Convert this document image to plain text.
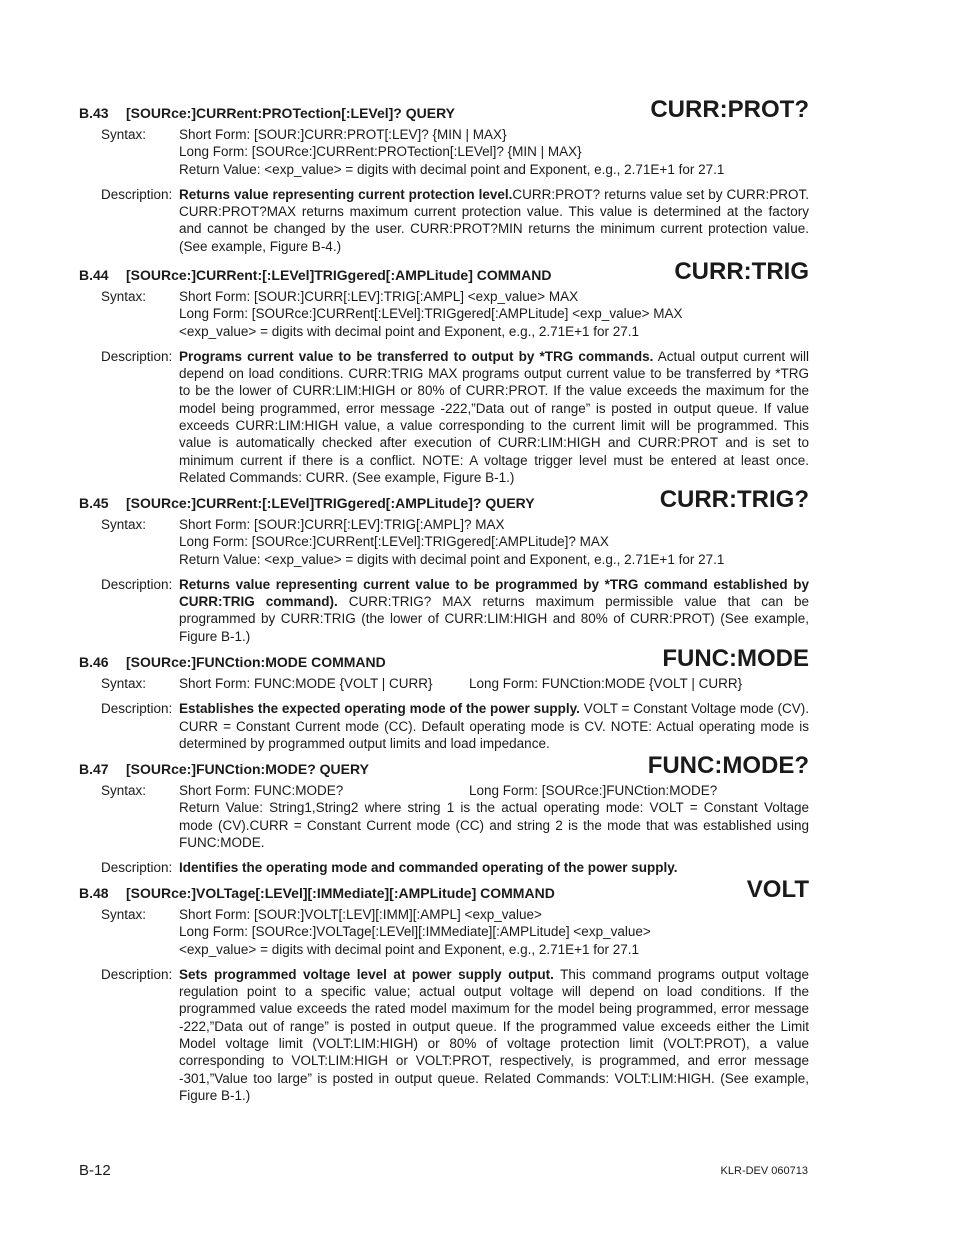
B.43 [SOURce:]CURRent:PROTection[:LEVel]? QUERY	CURR:PROT?
Syntax: Short Form: [SOUR:]CURR:PROT[:LEV]? {MIN | MAX}
Long Form: [SOURce:]CURRent:PROTection[:LEVel]? {MIN | MAX}
Return Value: <exp_value> = digits with decimal point and Exponent, e.g., 2.71E+1 for 27.1
Description: Returns value representing current protection level.CURR:PROT? returns value set by CURR:PROT. CURR:PROT?MAX returns maximum current protection value. This value is determined at the factory and cannot be changed by the user. CURR:PROT?MIN returns the minimum current protection value. (See example, Figure B-4.)
B.44 [SOURce:]CURRent:[:LEVel]TRIGgered[:AMPLitude] COMMAND	CURR:TRIG
Syntax: Short Form: [SOUR:]CURR[:LEV]:TRIG[:AMPL] <exp_value> MAX
Long Form: [SOURce:]CURRent[:LEVel]:TRIGgered[:AMPLitude] <exp_value> MAX
<exp_value> = digits with decimal point and Exponent, e.g., 2.71E+1 for 27.1
Description: Programs current value to be transferred to output by *TRG commands. Actual output current will depend on load conditions. CURR:TRIG MAX programs output current value to be transferred by *TRG to be the lower of CURR:LIM:HIGH or 80% of CURR:PROT. If the value exceeds the maximum for the model being programmed, error message -222,”Data out of range” is posted in output queue. If value exceeds CURR:LIM:HIGH value, a value corresponding to the current limit will be programmed. This value is automatically checked after execution of CURR:LIM:HIGH and CURR:PROT and is set to minimum current if there is a conflict. NOTE: A voltage trigger level must be entered at least once. Related Commands: CURR. (See example, Figure B-1.)
B.45 [SOURce:]CURRent:[:LEVel]TRIGgered[:AMPLitude]? QUERY	CURR:TRIG?
Syntax: Short Form: [SOUR:]CURR[:LEV]:TRIG[:AMPL]? MAX
Long Form: [SOURce:]CURRent[:LEVel]:TRIGgered[:AMPLitude]? MAX
Return Value: <exp_value> = digits with decimal point and Exponent, e.g., 2.71E+1 for 27.1
Description: Returns value representing current value to be programmed by *TRG command established by CURR:TRIG command). CURR:TRIG? MAX returns maximum permissible value that can be programmed by CURR:TRIG (the lower of CURR:LIM:HIGH and 80% of CURR:PROT) (See example, Figure B-1.)
B.46 [SOURce:]FUNCtion:MODE COMMAND	FUNC:MODE
Syntax: Short Form: FUNC:MODE {VOLT | CURR}	Long Form: FUNCtion:MODE {VOLT | CURR}
Description: Establishes the expected operating mode of the power supply. VOLT = Constant Voltage mode (CV). CURR = Constant Current mode (CC). Default operating mode is CV. NOTE: Actual operating mode is determined by programmed output limits and load impedance.
B.47 [SOURce:]FUNCtion:MODE? QUERY	FUNC:MODE?
Syntax: Short Form: FUNC:MODE?	Long Form: [SOURce:]FUNCtion:MODE?
Return Value: String1,String2 where string 1 is the actual operating mode: VOLT = Constant Voltage mode (CV).CURR = Constant Current mode (CC) and string 2 is the mode that was established using FUNC:MODE.
Description: Identifies the operating mode and commanded operating of the power supply.
B.48 [SOURce:]VOLTage[:LEVel][:IMMediate][:AMPLitude] COMMAND	VOLT
Syntax: Short Form: [SOUR:]VOLT[:LEV][:IMM][:AMPL] <exp_value>
Long Form: [SOURce:]VOLTage[:LEVel][:IMMediate][:AMPLitude] <exp_value>
<exp_value> = digits with decimal point and Exponent, e.g., 2.71E+1 for 27.1
Description: Sets programmed voltage level at power supply output. This command programs output voltage regulation point to a specific value; actual output voltage will depend on load conditions. If the programmed value exceeds the rated model maximum for the model being programmed, error message -222,”Data out of range” is posted in output queue. If the programmed value exceeds either the Limit Model voltage limit (VOLT:LIM:HIGH) or 80% of voltage protection limit (VOLT:PROT), a value corresponding to VOLT:LIM:HIGH or VOLT:PROT, respectively, is programmed, and error message -301,”Value too large” is posted in output queue. Related Commands: VOLT:LIM:HIGH. (See example, Figure B-1.)
B-12	KLR-DEV 060713
